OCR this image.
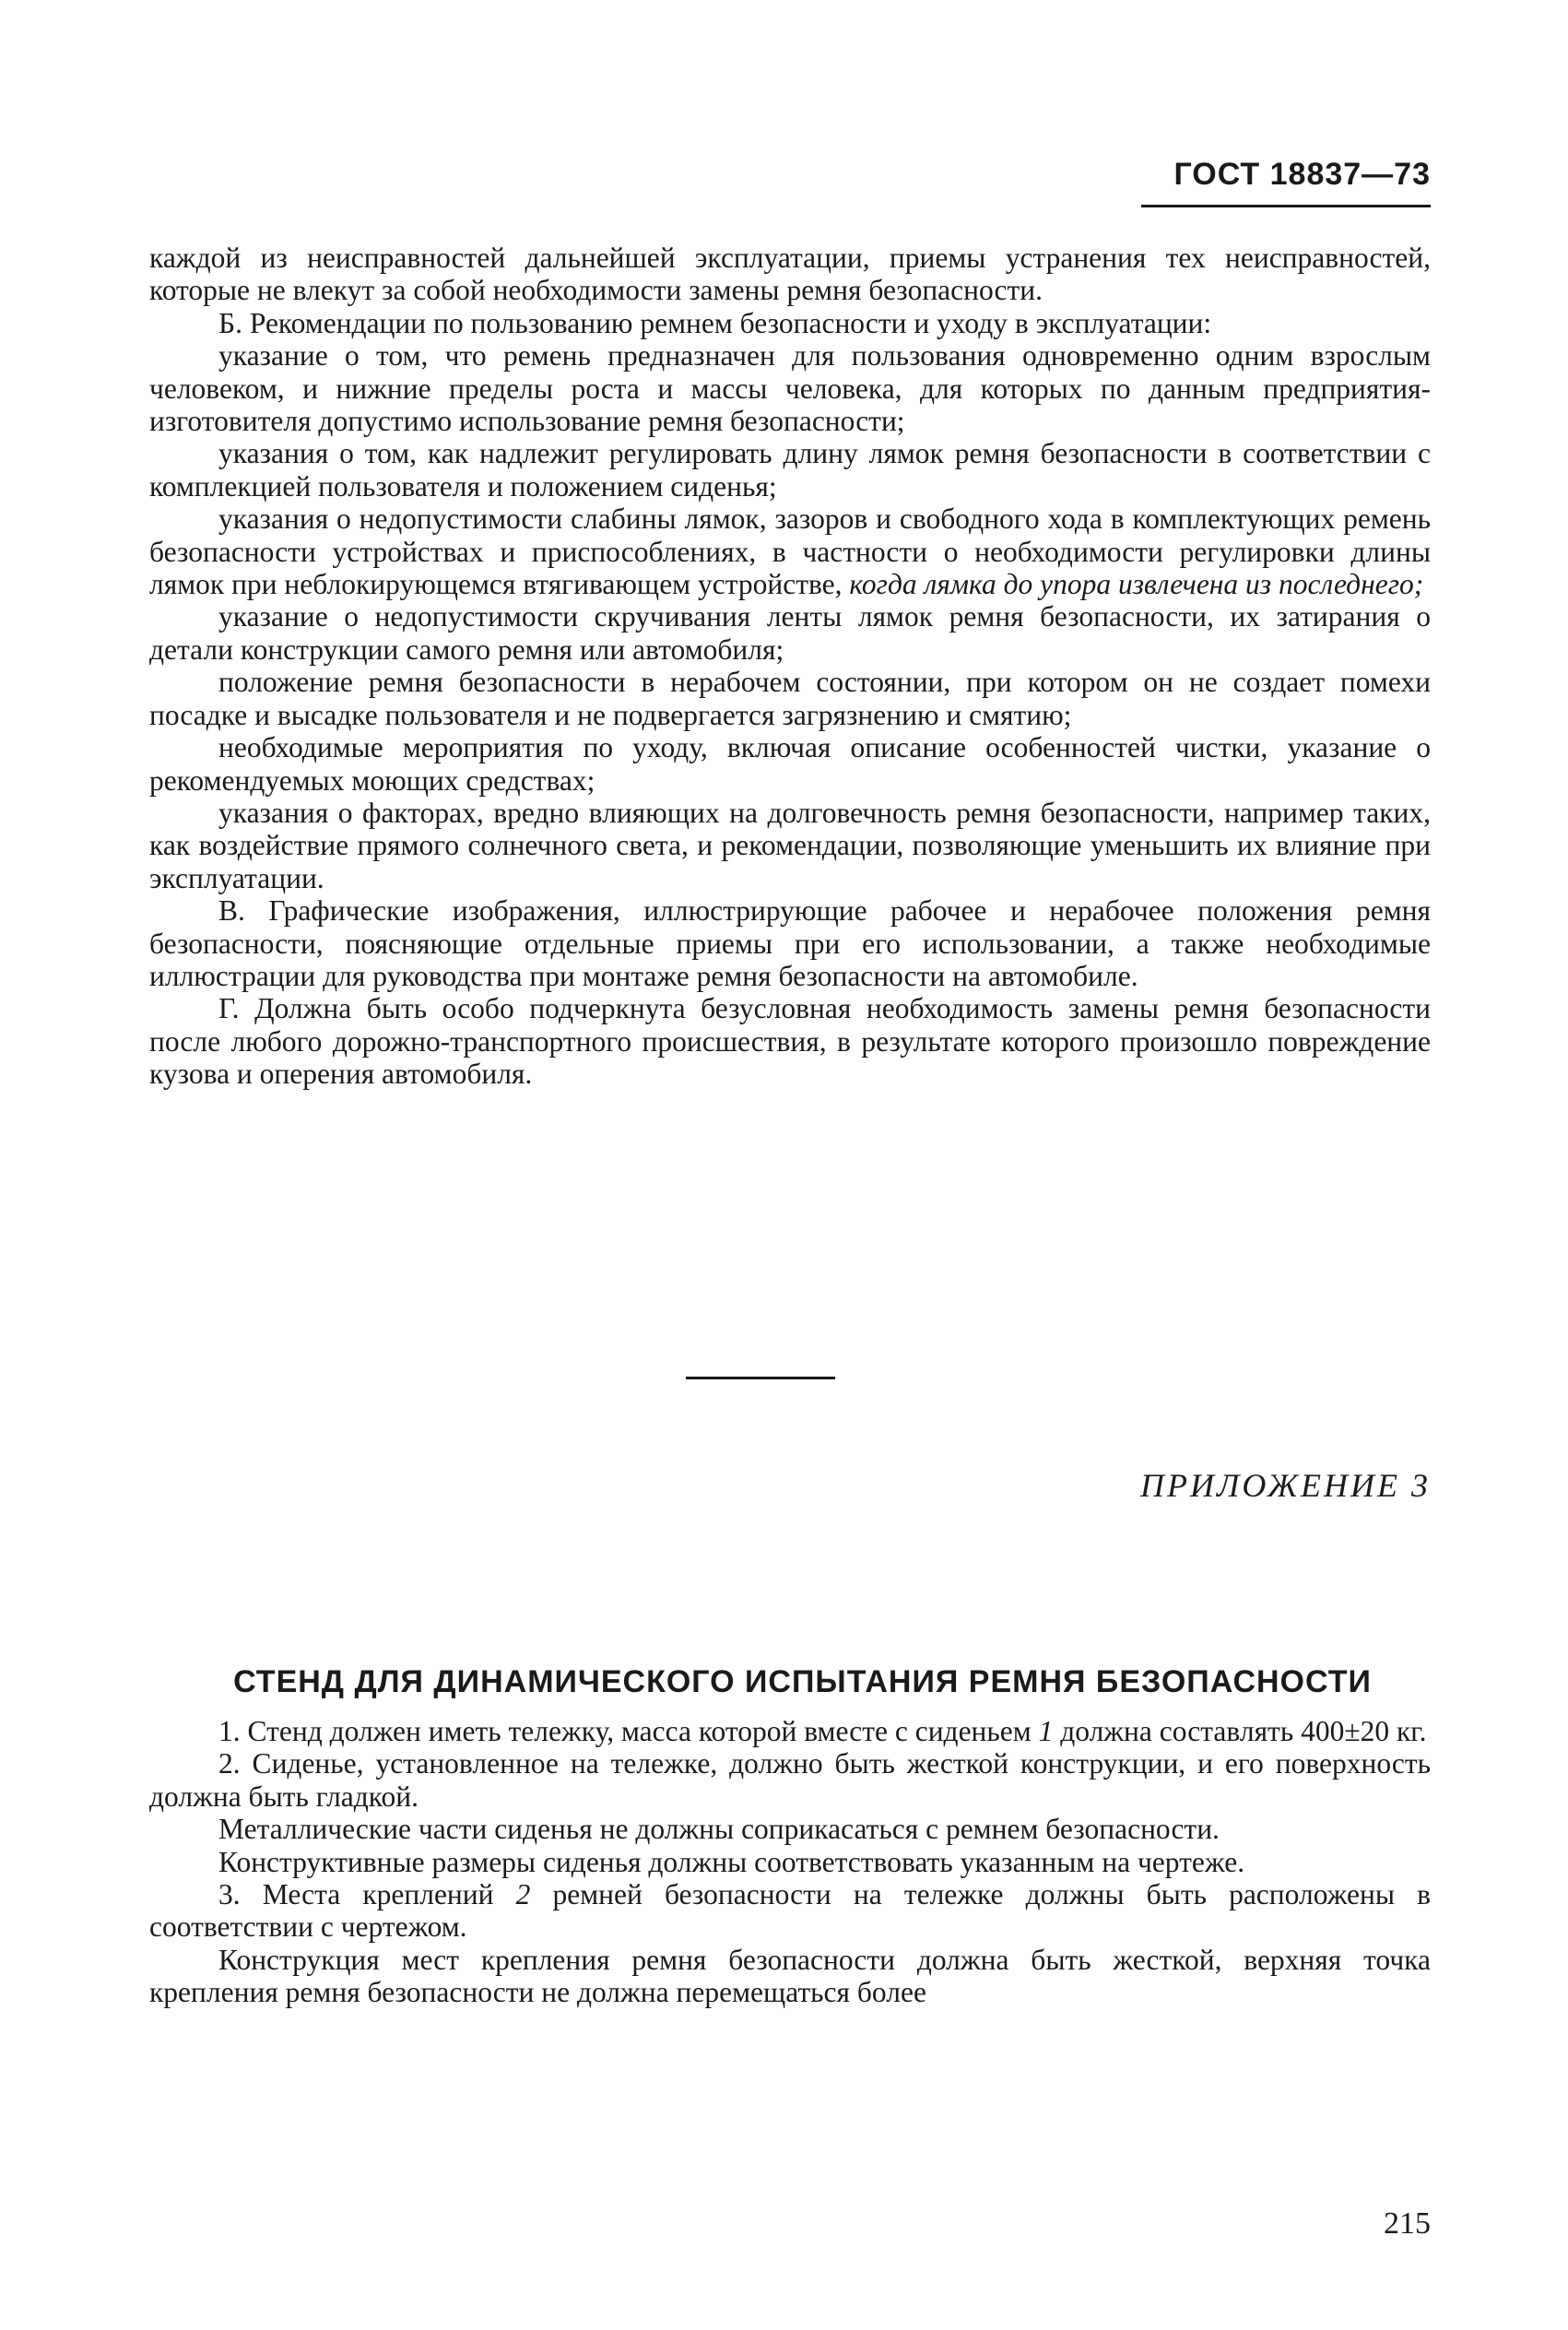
ГОСТ 18837—73

каждой из неисправностей дальнейшей эксплуатации, приемы устранения тех неисправностей, которые не влекут за собой необходимости замены ремня безопасности.

Б. Рекомендации по пользованию ремнем безопасности и уходу в эксплуатации:

указание о том, что ремень предназначен для пользования одновременно одним взрослым человеком, и нижние пределы роста и массы человека, для которых по данным предприятия-изготовителя допустимо использование ремня безопасности;

указания о том, как надлежит регулировать длину лямок ремня безопасности в соответствии с комплекцией пользователя и положением сиденья;

указания о недопустимости слабины лямок, зазоров и свободного хода в комплектующих ремень безопасности устройствах и приспособлениях, в частности о необходимости регулировки длины лямок при неблокирующемся втягивающем устройстве, когда лямка до упора извлечена из последнего;

указание о недопустимости скручивания ленты лямок ремня безопасности, их затирания о детали конструкции самого ремня или автомобиля;

положение ремня безопасности в нерабочем состоянии, при котором он не создает помехи посадке и высадке пользователя и не подвергается загрязнению и смятию;

необходимые мероприятия по уходу, включая описание особенностей чистки, указание о рекомендуемых моющих средствах;

указания о факторах, вредно влияющих на долговечность ремня безопасности, например таких, как воздействие прямого солнечного света, и рекомендации, позволяющие уменьшить их влияние при эксплуатации.

В. Графические изображения, иллюстрирующие рабочее и нерабочее положения ремня безопасности, поясняющие отдельные приемы при его использовании, а также необходимые иллюстрации для руководства при монтаже ремня безопасности на автомобиле.

Г. Должна быть особо подчеркнута безусловная необходимость замены ремня безопасности после любого дорожно-транспортного происшествия, в результате которого произошло повреждение кузова и оперения автомобиля.

ПРИЛОЖЕНИЕ 3
СТЕНД ДЛЯ ДИНАМИЧЕСКОГО ИСПЫТАНИЯ РЕМНЯ БЕЗОПАСНОСТИ

1. Стенд должен иметь тележку, масса которой вместе с сиденьем 1 должна составлять 400±20 кг.

2. Сиденье, установленное на тележке, должно быть жесткой конструкции, и его поверхность должна быть гладкой.

Металлические части сиденья не должны соприкасаться с ремнем безопасности.

Конструктивные размеры сиденья должны соответствовать указанным на чертеже.

3. Места креплений 2 ремней безопасности на тележке должны быть расположены в соответствии с чертежом.

Конструкция мест крепления ремня безопасности должна быть жесткой, верхняя точка крепления ремня безопасности не должна перемещаться более

215
